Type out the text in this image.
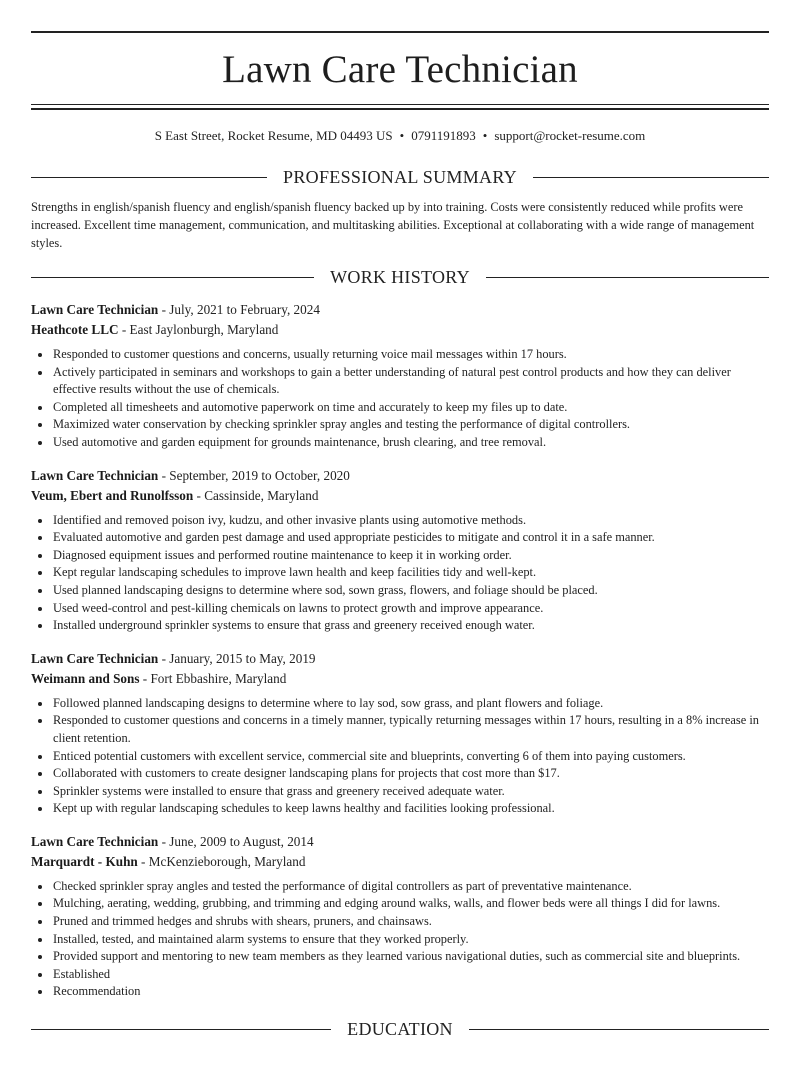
Lawn Care Technician
S East Street, Rocket Resume, MD 04493 US • 0791191893 • support@rocket-resume.com
PROFESSIONAL SUMMARY

Strengths in english/spanish fluency and english/spanish fluency backed up by into training. Costs were consistently reduced while profits were increased. Excellent time management, communication, and multitasking abilities. Exceptional at collaborating with a wide range of management styles.

WORK HISTORY
Lawn Care Technician - July, 2021 to February, 2024
Heathcote LLC - East Jaylonburgh, Maryland
Responded to customer questions and concerns, usually returning voice mail messages within 17 hours.
Actively participated in seminars and workshops to gain a better understanding of natural pest control products and how they can deliver effective results without the use of chemicals.
Completed all timesheets and automotive paperwork on time and accurately to keep my files up to date.
Maximized water conservation by checking sprinkler spray angles and testing the performance of digital controllers.
Used automotive and garden equipment for grounds maintenance, brush clearing, and tree removal.
Lawn Care Technician - September, 2019 to October, 2020
Veum, Ebert and Runolfsson - Cassinside, Maryland
Identified and removed poison ivy, kudzu, and other invasive plants using automotive methods.
Evaluated automotive and garden pest damage and used appropriate pesticides to mitigate and control it in a safe manner.
Diagnosed equipment issues and performed routine maintenance to keep it in working order.
Kept regular landscaping schedules to improve lawn health and keep facilities tidy and well-kept.
Used planned landscaping designs to determine where sod, sown grass, flowers, and foliage should be placed.
Used weed-control and pest-killing chemicals on lawns to protect growth and improve appearance.
Installed underground sprinkler systems to ensure that grass and greenery received enough water.
Lawn Care Technician - January, 2015 to May, 2019
Weimann and Sons - Fort Ebbashire, Maryland
Followed planned landscaping designs to determine where to lay sod, sow grass, and plant flowers and foliage.
Responded to customer questions and concerns in a timely manner, typically returning messages within 17 hours, resulting in a 8% increase in client retention.
Enticed potential customers with excellent service, commercial site and blueprints, converting 6 of them into paying customers.
Collaborated with customers to create designer landscaping plans for projects that cost more than $17.
Sprinkler systems were installed to ensure that grass and greenery received adequate water.
Kept up with regular landscaping schedules to keep lawns healthy and facilities looking professional.
Lawn Care Technician - June, 2009 to August, 2014
Marquardt - Kuhn - McKenzieborough, Maryland
Checked sprinkler spray angles and tested the performance of digital controllers as part of preventative maintenance.
Mulching, aerating, wedding, grubbing, and trimming and edging around walks, walls, and flower beds were all things I did for lawns.
Pruned and trimmed hedges and shrubs with shears, pruners, and chainsaws.
Installed, tested, and maintained alarm systems to ensure that they worked properly.
Provided support and mentoring to new team members as they learned various navigational duties, such as commercial site and blueprints.
Established
Recommendation
EDUCATION
